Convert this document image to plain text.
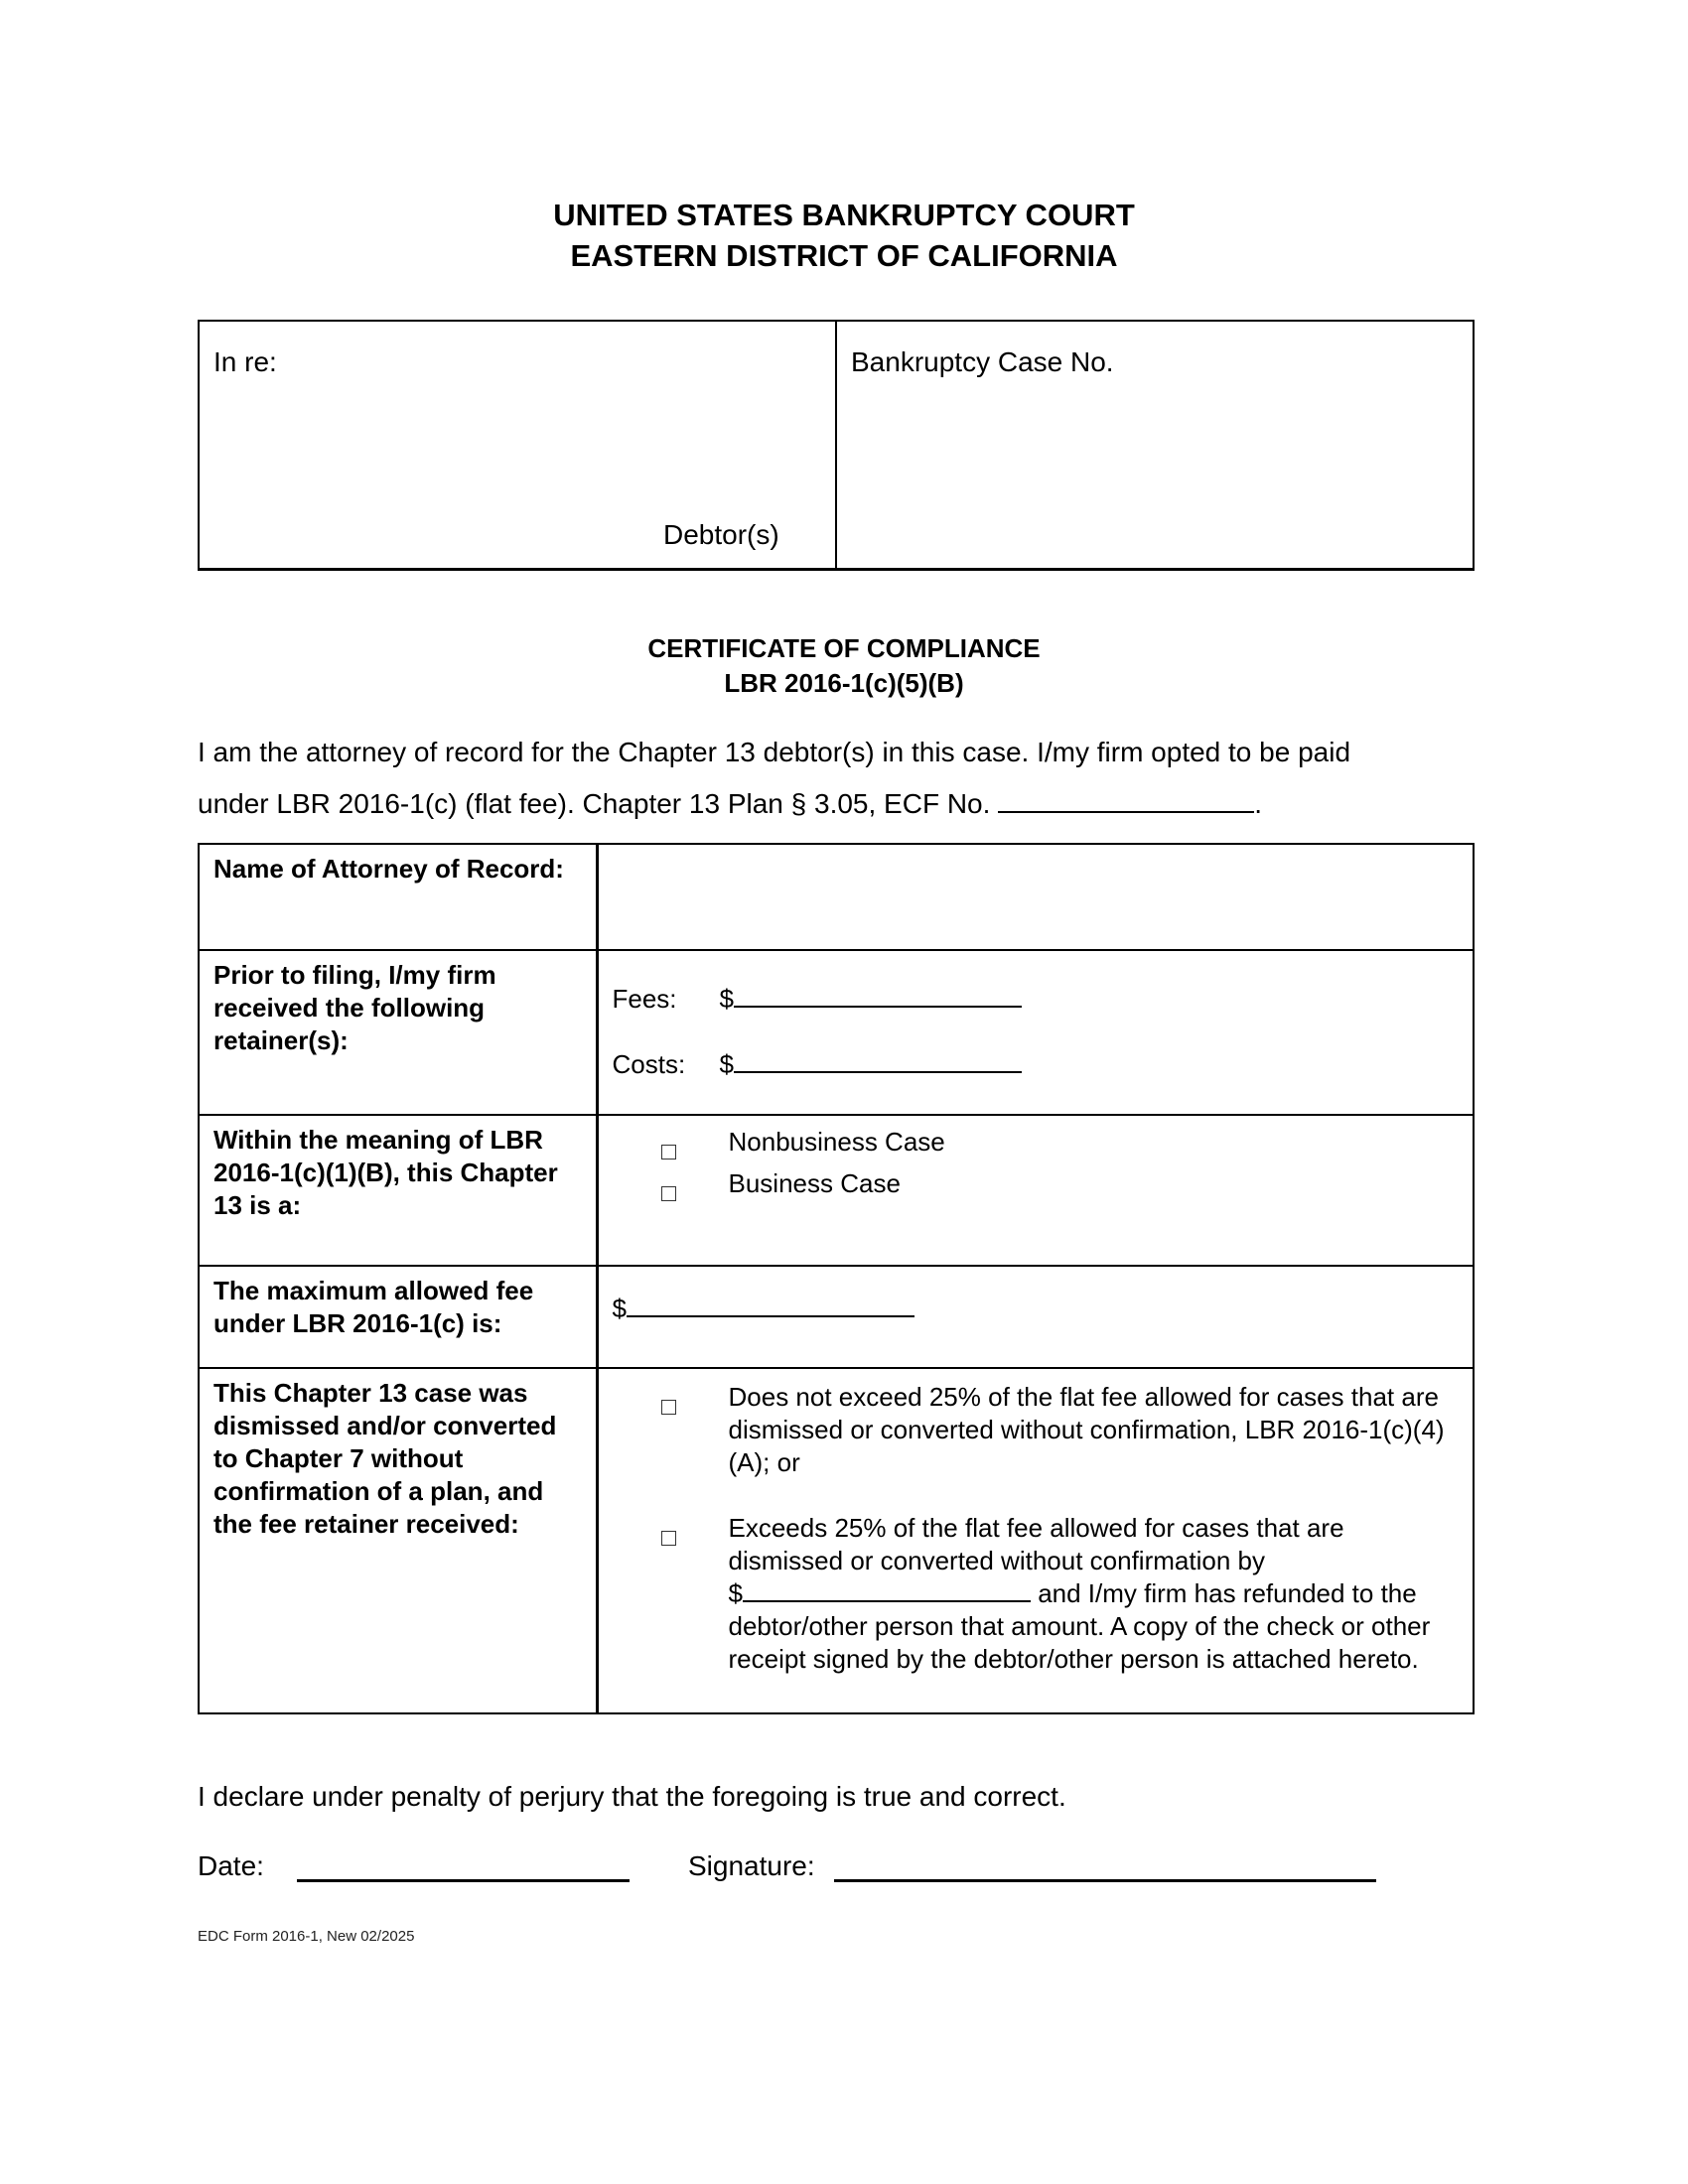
UNITED STATES BANKRUPTCY COURT
EASTERN DISTRICT OF CALIFORNIA
In re:
Debtor(s)
Bankruptcy Case No.
CERTIFICATE OF COMPLIANCE
LBR 2016-1(c)(5)(B)
I am the attorney of record for the Chapter 13 debtor(s) in this case. I/my firm opted to be paid
under LBR 2016-1(c) (flat fee). Chapter 13 Plan § 3.05, ECF No.	.
Name of Attorney of Record:	
Prior to filing, I/my firm received the following retainer(s):	Fees: $
Costs: $

Within the meaning of LBR 2016-1(c)(1)(B), this Chapter 13 is a:	Nonbusiness Case
Business Case

The maximum allowed fee under LBR 2016-1(c) is:	$
This Chapter 13 case was dismissed and/or converted to Chapter 7 without confirmation of a plan, and the fee retainer received:	Does not exceed 25% of the flat fee allowed for cases that are dismissed or converted without confirmation, LBR 2016-1(c)(4)(A); or
Exceeds 25% of the flat fee allowed for cases that are dismissed or converted without confirmation by
$ and I/my firm has refunded to the debtor/other person that amount. A copy of the check or other receipt signed by the debtor/other person is attached hereto.
I declare under penalty of perjury that the foregoing is true and correct.
Date:	Signature:
EDC Form 2016-1, New 02/2025
